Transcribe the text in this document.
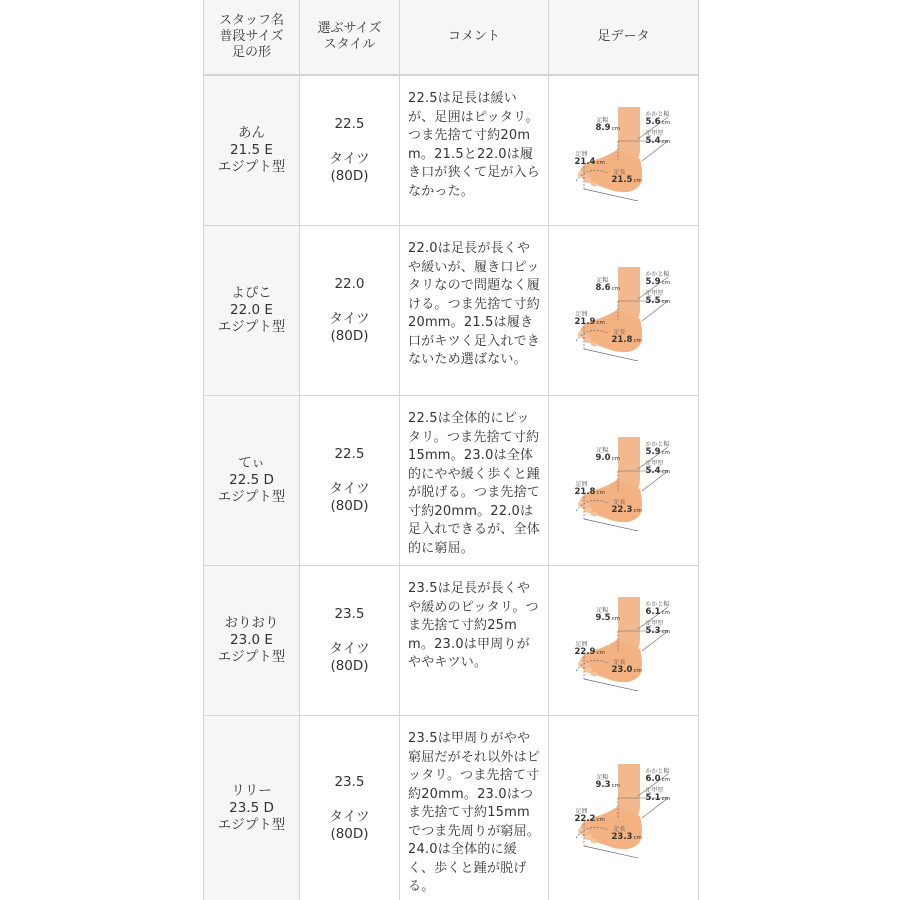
スタッフ名
普段サイズ
足の形
選ぶサイズ
スタイル
コメント	足データ
あん
21.5 E
エジプト型
22.5
タイツ
(80D)
22.5は足長は緩いが、足囲はピッタリ。つま先捨て寸約20mm。21.5と22.0は履き口が狭くて足が入らなかった。
足幅
8.9cm
かかと幅
5.6cm
足甲厚
5.4cm
足囲
21.4cm
足長
21.5cm
よぴこ
22.0 E
エジプト型
22.0
タイツ
(80D)
22.0は足長が長くやや緩いが、履き口ピッタリなので問題なく履ける。つま先捨て寸約20mm。21.5は履き口がキツく足入れできないため選ばない。
足幅
8.6cm
かかと幅
5.9cm
足甲厚
5.5cm
足囲
21.9cm
足長
21.8cm
てぃ
22.5 D
エジプト型
22.5
タイツ
(80D)
22.5は全体的にピッタリ。つま先捨て寸約15mm。23.0は全体的にやや緩く歩くと踵が脱げる。つま先捨て寸約20mm。22.0は足入れできるが、全体的に窮屈。
足幅
9.0cm
かかと幅
5.9cm
足甲厚
5.4cm
足囲
21.8cm
足長
22.3cm
おりおり
23.0 E
エジプト型
23.5
タイツ
(80D)
23.5は足長が長くやや緩めのピッタリ。つま先捨て寸約25mm。23.0は甲周りがややキツい。
足幅
9.5cm
かかと幅
6.1cm
足甲厚
5.3cm
足囲
22.9cm
足長
23.0cm
リリー
23.5 D
エジプト型
23.5
タイツ
(80D)
23.5は甲周りがやや窮屈だがそれ以外はピッタリ。つま先捨て寸約20mm。23.0はつま先捨て寸約15mmでつま先周りが窮屈。24.0は全体的に緩く、歩くと踵が脱げる。
足幅
9.3cm
かかと幅
6.0cm
足甲厚
5.1cm
足囲
22.2cm
足長
23.3cm
